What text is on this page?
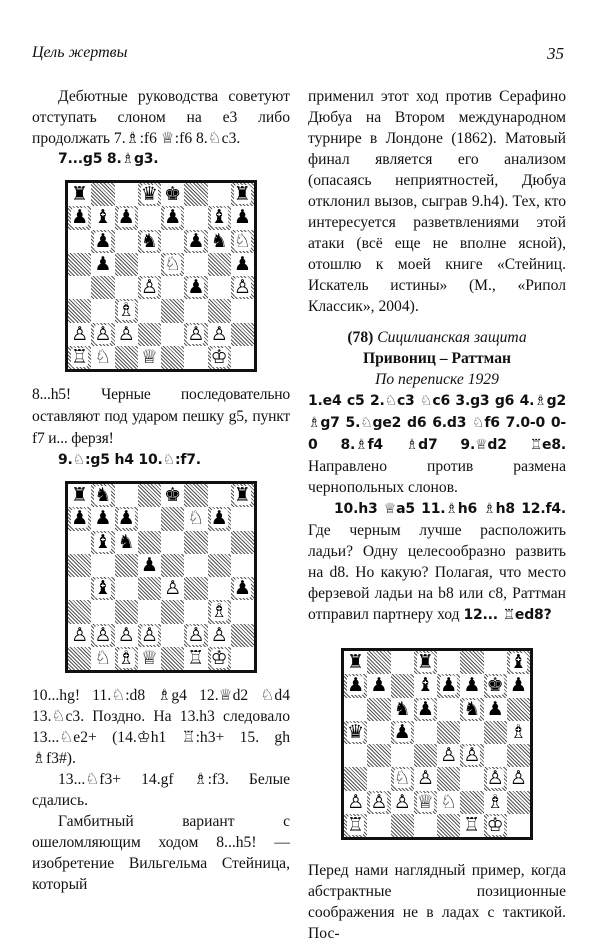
Цель жертвы	35

Дебютные руководства советуют отступать слоном на е3 либо продолжать 7.♗:f6 ♕:f6 8.♘c3.

7...g5 8.♗g3.

♜	♛ ♚	♜
♟ ♝ ♟ ♟ ♝ ♟
♟ ♞ ♟ ♞ ♘
♟	♘	♟
♙ ♟ ♙
♗
♙ ♙ ♙	♙ ♙
♖ ♘ ♕	♔

8...h5! Черные последовательно оставляют под ударом пешку g5, пункт f7 и... ферзя!

9.♘:g5 h4 10.♘:f7.

♜ ♞	♚	♜
♟ ♟ ♟	♘ ♟
♝ ♞
♟
♝	♙	♟
♗
♙ ♙ ♙ ♙ ♙ ♙
♘ ♗ ♕ ♖ ♔

10...hg! 11.♘:d8 ♗g4 12.♕d2 ♘d4 13.♘c3. Поздно. На 13.h3 следовало 13...♘e2+ (14.♔h1 ♖:h3+ 15. gh ♗f3#).

13...♘f3+ 14.gf ♗:f3. Белые сдались.

Гамбитный вариант с ошеломляющим ходом 8...h5! — изобретение Вильгельма Стейница, который

применил этот ход против Серафино Дюбуа на Втором международном турнире в Лондоне (1862). Матовый финал является его анализом (опасаясь неприятностей, Дюбуа отклонил вызов, сыграв 9.h4). Тех, кто интересуется разветвлениями этой атаки (всё еще не вполне ясной), отошлю к моей книге «Стейниц. Искатель истины» (М., «Рипол Классик», 2004).

(78) Сицилианская защита

Привониц – Раттман

По переписке 1929

1.e4 c5 2.♘c3 ♘c6 3.g3 g6 4.♗g2 ♗g7 5.♘ge2 d6 6.d3 ♘f6 7.0-0 0-0 8.♗f4 ♗d7 9.♕d2 ♖e8. Направлено против размена чернопольных слонов.

10.h3 ♕a5 11.♗h6 ♗h8 12.f4. Где черным лучше расположить ладьи? Одну целесообразно развить на d8. Но какую? Полагая, что место ферзевой ладьи на b8 или c8, Раттман отправил партнеру ход 12... ♖ed8?

♜	♜	♝
♟ ♟ ♝ ♟ ♟ ♚ ♟
♞ ♟ ♞ ♟
♛ ♟	♗
♙ ♙
♘ ♙	♙ ♙
♙ ♙ ♙ ♕ ♘ ♗
♖	♖ ♔

Перед нами наглядный пример, когда абстрактные позиционные соображения не в ладах с тактикой. Пос-
